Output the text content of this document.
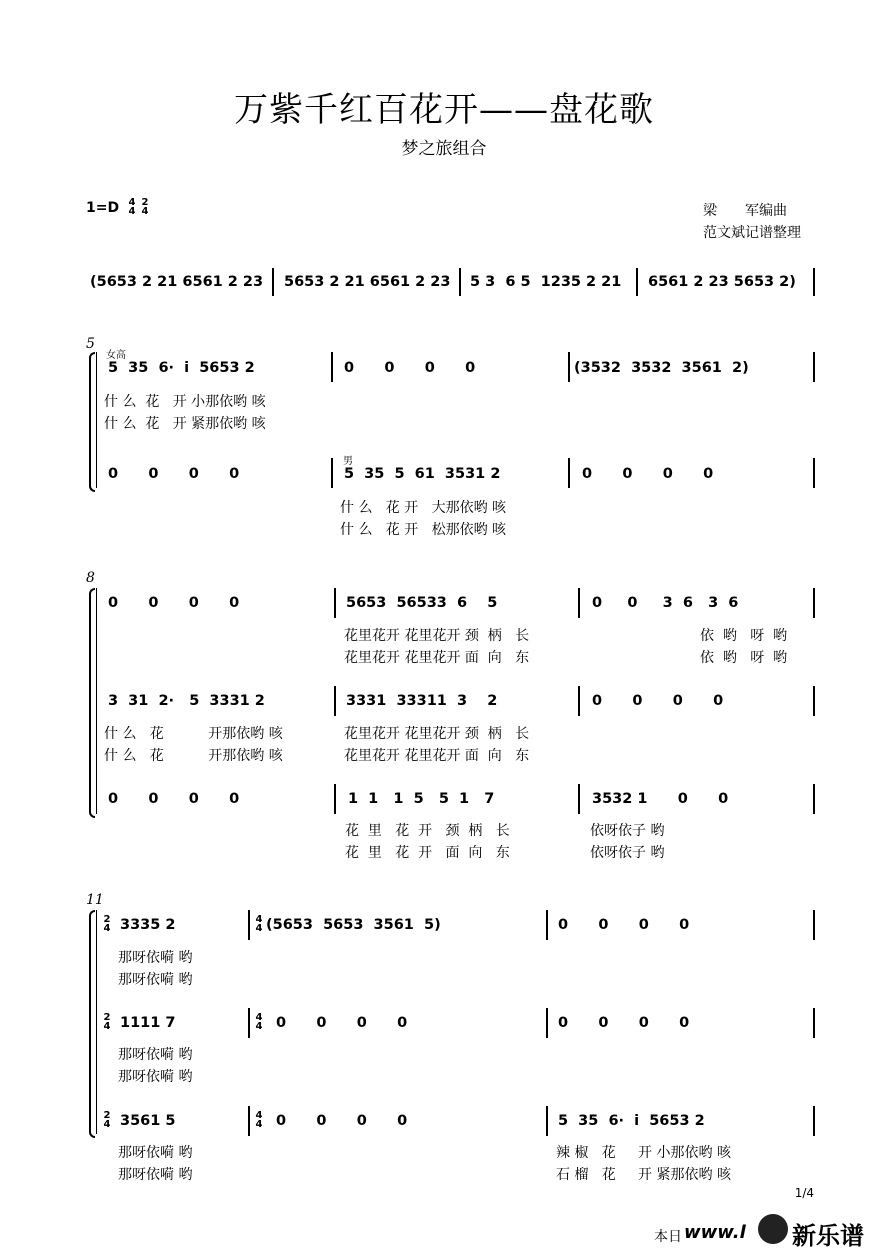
万紫千红百花开——盘花歌
梦之旅组合
1=D 4
4
2
4	梁　　军编曲
范文斌记谱整理
(5653 2 21 6561 2 23 5653 2 21 6561 2 23 5 3  6 5  1235 2 21 6561 2 23 5653 2)
5
女高
5  35  6·  i  5653 2	0      0      0      0	(3532  3532  3561  2)
什 么  花   开 小那依哟 咳
什 么  花   开 紧那依哟 咳
男
0      0      0      0	5  35  5  61  3531 2	0      0      0      0
什 么   花 开   大那依哟 咳
什 么   花 开   松那依哟 咳
8
0      0      0      0	5653  56533  6    5	0     0     3  6   3  6
花里花开 花里花开 颈  柄   长
花里花开 花里花开 面  向   东
依  哟   呀  哟
依  哟   呀  哟
3  31  2·   5  3331 2	3331  33311  3    2	0      0      0      0
什 么   花          开那依哟 咳
什 么   花          开那依哟 咳
花里花开 花里花开 颈  柄   长
花里花开 花里花开 面  向   东
0      0      0      0	1  1   1  5   5  1   7	3532 1      0      0
花  里   花  开   颈  柄   长
花  里   花  开   面  向   东
依呀依子 哟
依呀依子 哟
11
2
4 3335 2	4
4 (5653  5653  3561  5)	0      0      0      0
那呀依嗬 哟
那呀依嗬 哟
2
4 1111 7	4
4 0      0      0      0	0      0      0      0
那呀依嗬 哟
那呀依嗬 哟
2
4 3561 5	4
4 0      0      0      0	5  35  6·  i  5653 2
那呀依嗬 哟
那呀依嗬 哟
辣 椒   花     开 小那依哟 咳
石 榴   花     开 紧那依哟 咳
1/4
本日 www.l 新乐谱
